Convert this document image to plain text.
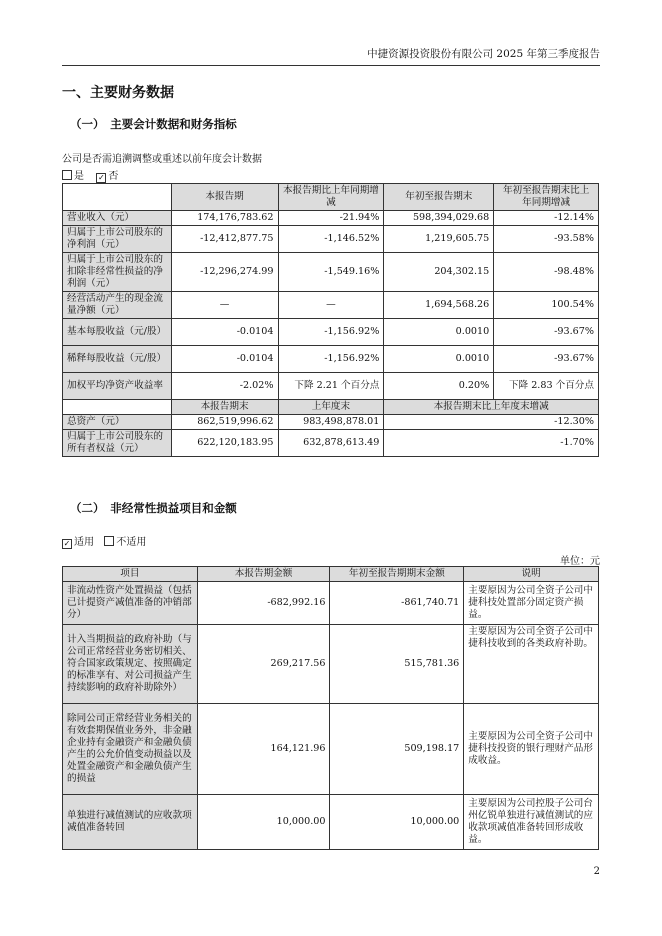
中捷资源投资股份有限公司 2025 年第三季度报告
一、主要财务数据
（一）　主要会计数据和财务指标
公司是否需追溯调整或重述以前年度会计数据
是 ✓ 否
	本报告期	本报告期比上年同期增减	年初至报告期末	年初至报告期末比上年同期增减
营业收入（元）	174,176,783.62	-21.94%	598,394,029.68	-12.14%
归属于上市公司股东的净利润（元）	-12,412,877.75	-1,146.52%	1,219,605.75	-93.58%
归属于上市公司股东的扣除非经常性损益的净利润（元）	-12,296,274.99	-1,549.16%	204,302.15	-98.48%
经营活动产生的现金流量净额（元）	—	—	1,694,568.26	100.54%
基本每股收益（元/股）	-0.0104	-1,156.92%	0.0010	-93.67%
稀释每股收益（元/股）	-0.0104	-1,156.92%	0.0010	-93.67%
加权平均净资产收益率	-2.02%	下降 2.21 个百分点	0.20%	下降 2.83 个百分点
	本报告期末	上年度末	本报告期末比上年度末增减	
总资产（元）	862,519,996.62	983,498,878.01	-12.30%	
归属于上市公司股东的所有者权益（元）	622,120,183.95	632,878,613.49	-1.70%	
（二）　非经常性损益项目和金额
✓ 适用 不适用
单位：元
项目	本报告期金额	年初至报告期期末金额	说明
非流动性资产处置损益（包括已计提资产减值准备的冲销部分）	-682,992.16	-861,740.71	主要原因为公司全资子公司中捷科技处置部分固定资产损益。
计入当期损益的政府补助（与公司正常经营业务密切相关、符合国家政策规定、按照确定的标准享有、对公司损益产生持续影响的政府补助除外）	269,217.56	515,781.36	主要原因为公司全资子公司中捷科技收到的各类政府补助。
除同公司正常经营业务相关的有效套期保值业务外，非金融企业持有金融资产和金融负债产生的公允价值变动损益以及处置金融资产和金融负债产生的损益	164,121.96	509,198.17	主要原因为公司全资子公司中捷科技投资的银行理财产品形成收益。
单独进行减值测试的应收款项减值准备转回	10,000.00	10,000.00	主要原因为公司控股子公司台州亿锐单独进行减值测试的应收款项减值准备转回形成收益。
2
